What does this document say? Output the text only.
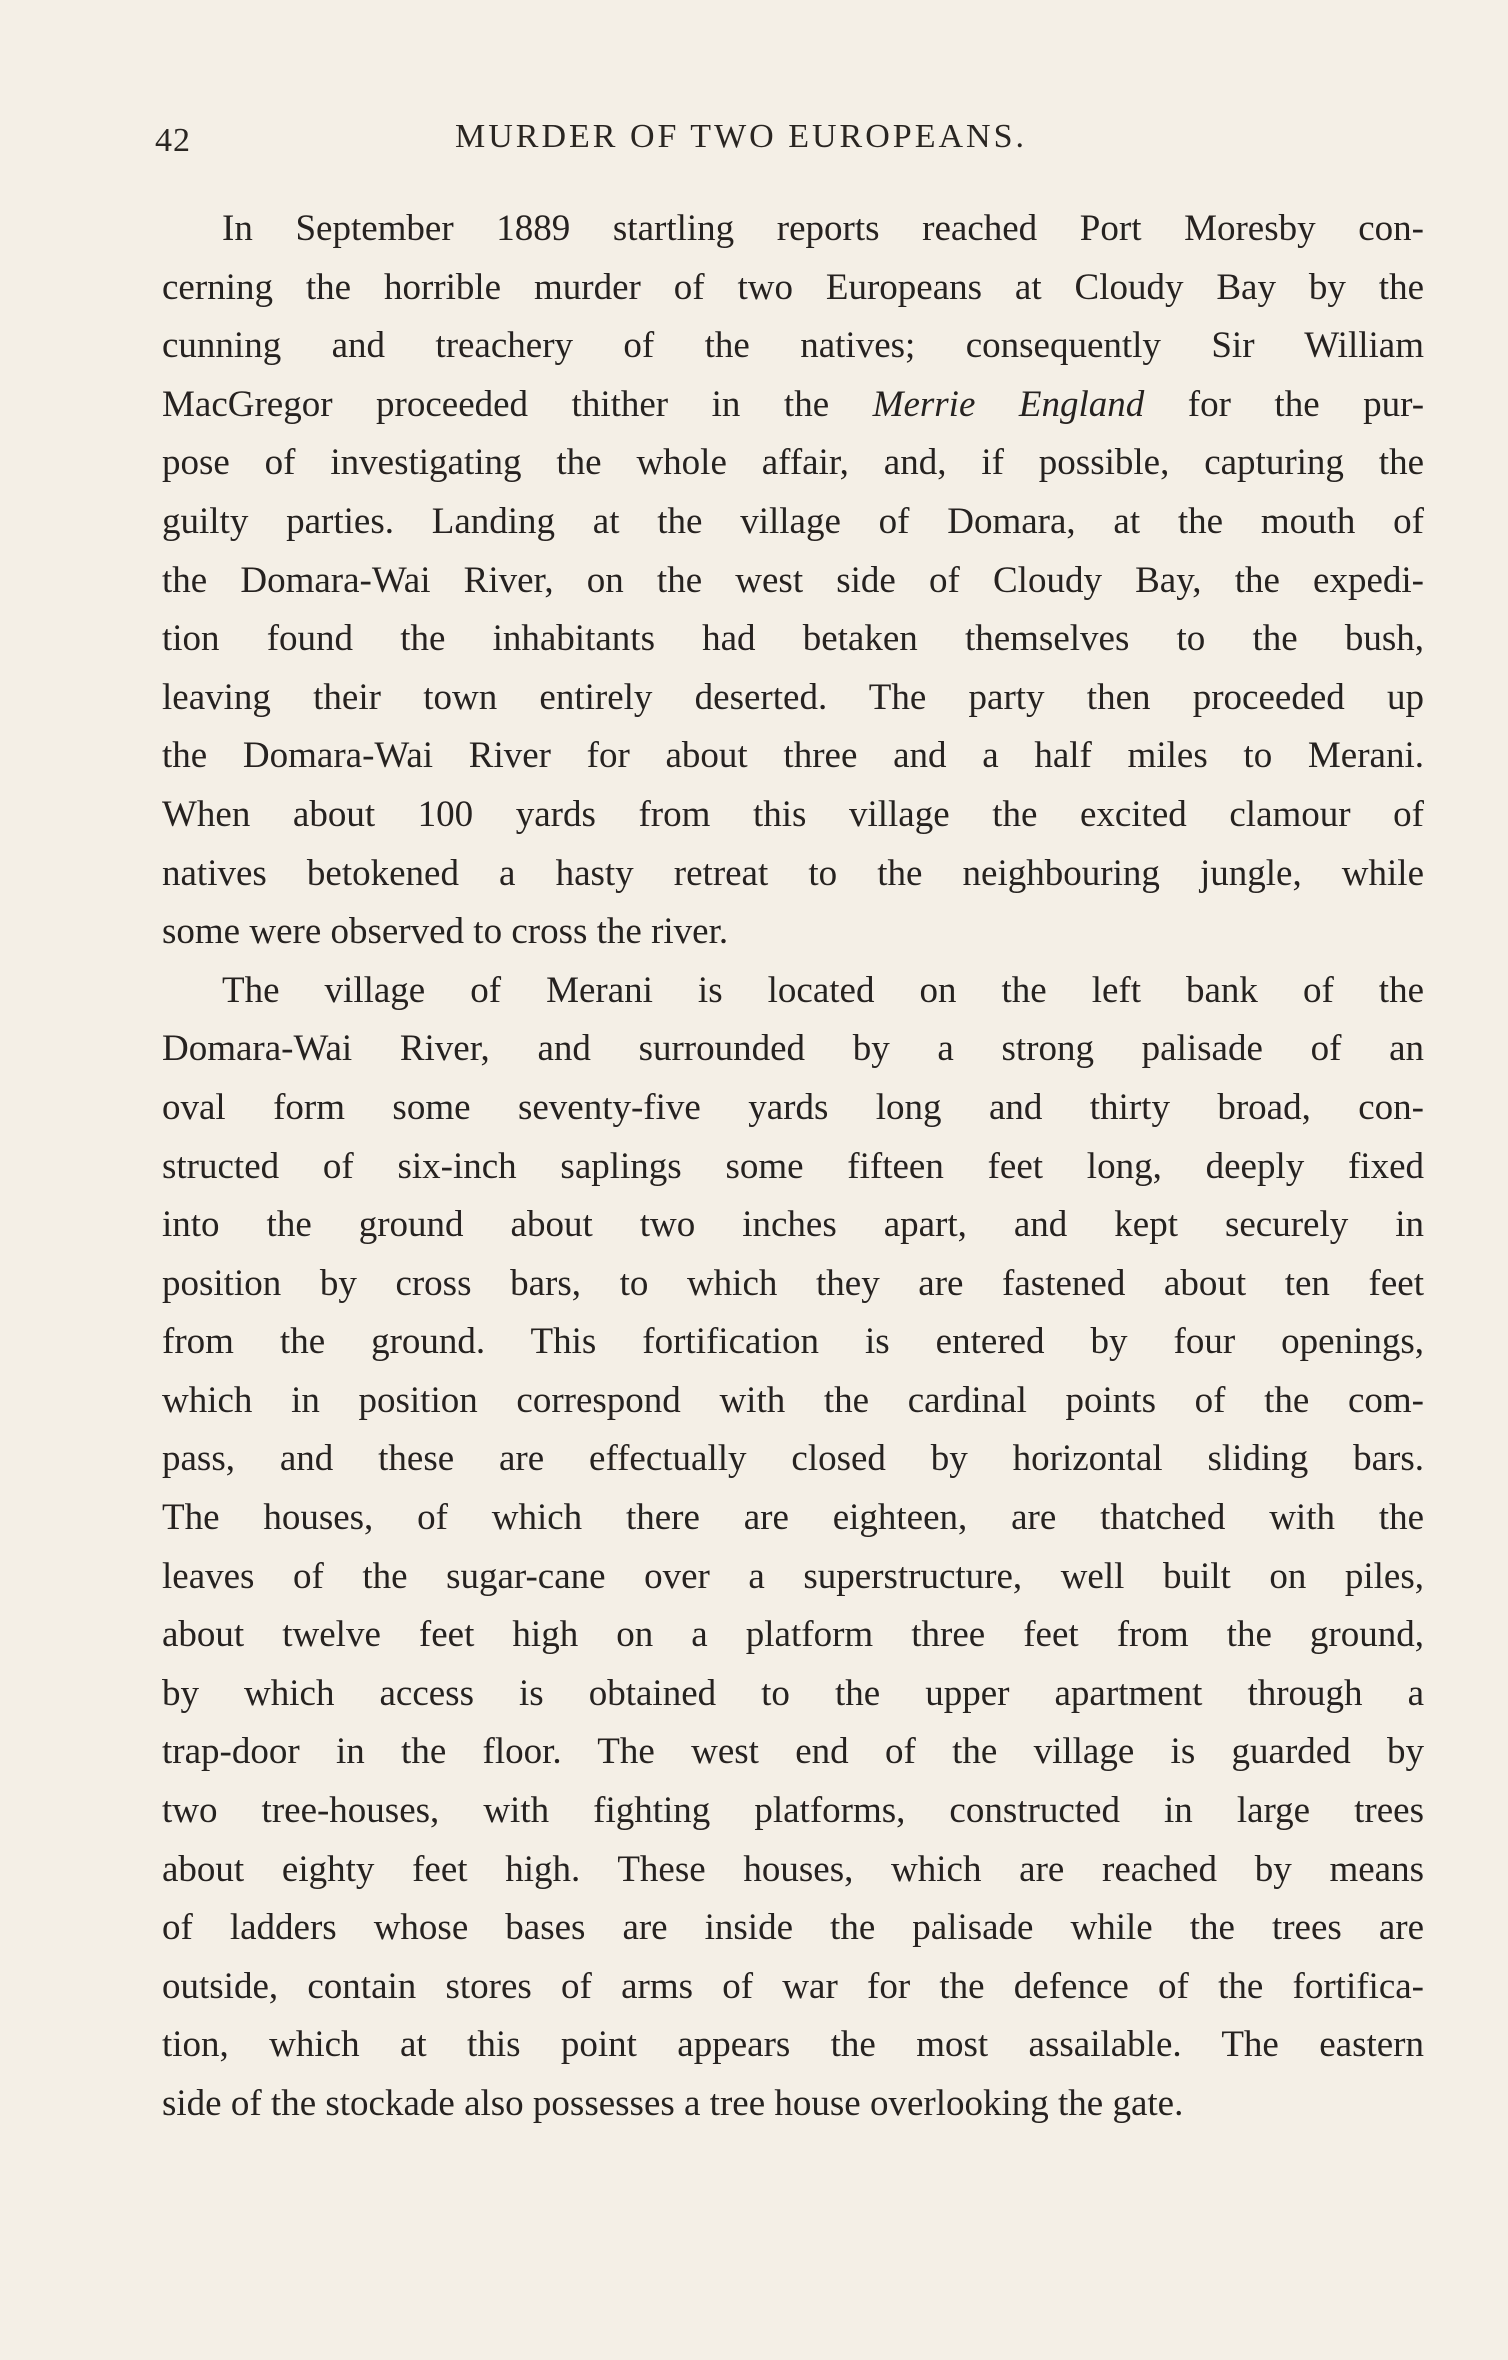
42	MURDER OF TWO EUROPEANS.
In September 1889 startling reports reached Port Moresby con-
cerning the horrible murder of two Europeans at Cloudy Bay by the
cunning and treachery of the natives; consequently Sir William
MacGregor proceeded thither in the Merrie England for the pur-
pose of investigating the whole affair, and, if possible, capturing the
guilty parties. Landing at the village of Domara, at the mouth of
the Domara-Wai River, on the west side of Cloudy Bay, the expedi-
tion found the inhabitants had betaken themselves to the bush,
leaving their town entirely deserted. The party then proceeded up
the Domara-Wai River for about three and a half miles to Merani.
When about 100 yards from this village the excited clamour of
natives betokened a hasty retreat to the neighbouring jungle, while
some were observed to cross the river.
The village of Merani is located on the left bank of the
Domara-Wai River, and surrounded by a strong palisade of an
oval form some seventy-five yards long and thirty broad, con-
structed of six-inch saplings some fifteen feet long, deeply fixed
into the ground about two inches apart, and kept securely in
position by cross bars, to which they are fastened about ten feet
from the ground. This fortification is entered by four openings,
which in position correspond with the cardinal points of the com-
pass, and these are effectually closed by horizontal sliding bars.
The houses, of which there are eighteen, are thatched with the
leaves of the sugar-cane over a superstructure, well built on piles,
about twelve feet high on a platform three feet from the ground,
by which access is obtained to the upper apartment through a
trap-door in the floor. The west end of the village is guarded by
two tree-houses, with fighting platforms, constructed in large trees
about eighty feet high. These houses, which are reached by means
of ladders whose bases are inside the palisade while the trees are
outside, contain stores of arms of war for the defence of the fortifica-
tion, which at this point appears the most assailable. The eastern
side of the stockade also possesses a tree house overlooking the gate.
